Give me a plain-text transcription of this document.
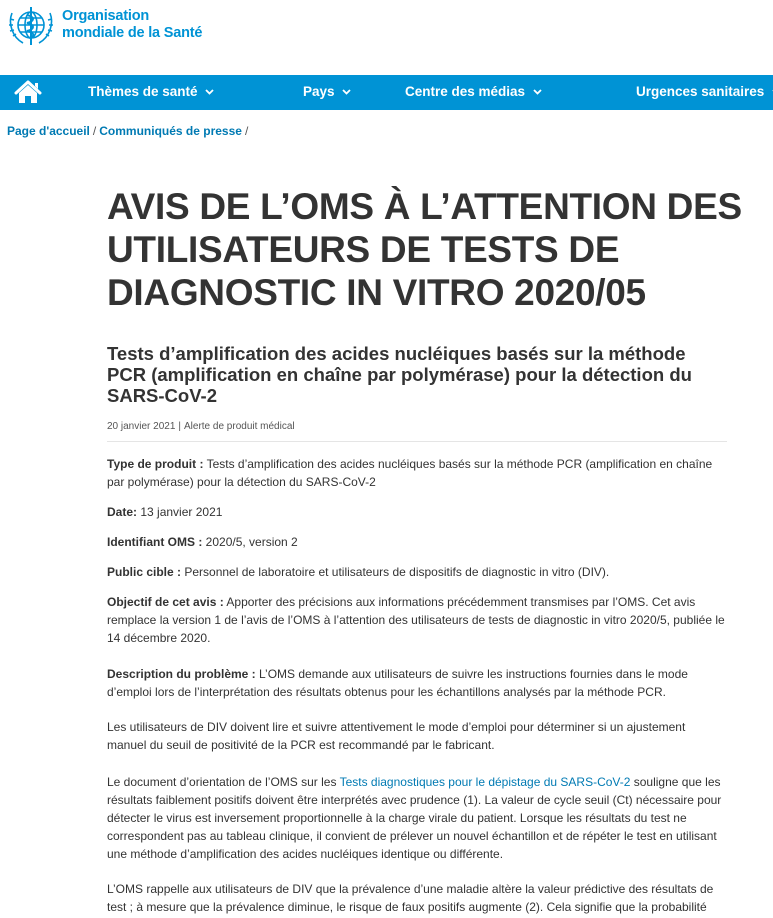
Organisation
mondiale de la Santé
Thèmes de santé	Pays	Centre des médias	Urgences sanitaires
Page d'accueil / Communiqués de presse /
AVIS DE L’OMS À L’ATTENTION DES UTILISATEURS DE TESTS DE DIAGNOSTIC IN VITRO 2020/05
Tests d’amplification des acides nucléiques basés sur la méthode PCR (amplification en chaîne par polymérase) pour la détection du SARS-CoV-2
20 janvier 2021 | Alerte de produit médical

Type de produit : Tests d’amplification des acides nucléiques basés sur la méthode PCR (amplification en chaîne par polymérase) pour la détection du SARS-CoV-2

Date: 13 janvier 2021

Identifiant OMS : 2020/5, version 2

Public cible : Personnel de laboratoire et utilisateurs de dispositifs de diagnostic in vitro (DIV).

Objectif de cet avis : Apporter des précisions aux informations précédemment transmises par l’OMS. Cet avis remplace la version 1 de l’avis de l’OMS à l’attention des utilisateurs de tests de diagnostic in vitro 2020/5, publiée le 14 décembre 2020.

Description du problème : L’OMS demande aux utilisateurs de suivre les instructions fournies dans le mode d’emploi lors de l’interprétation des résultats obtenus pour les échantillons analysés par la méthode PCR.

Les utilisateurs de DIV doivent lire et suivre attentivement le mode d’emploi pour déterminer si un ajustement manuel du seuil de positivité de la PCR est recommandé par le fabricant.

Le document d’orientation de l’OMS sur les Tests diagnostiques pour le dépistage du SARS-CoV-2 souligne que les résultats faiblement positifs doivent être interprétés avec prudence (1). La valeur de cycle seuil (Ct) nécessaire pour détecter le virus est inversement proportionnelle à la charge virale du patient. Lorsque les résultats du test ne correspondent pas au tableau clinique, il convient de prélever un nouvel échantillon et de répéter le test en utilisant une méthode d’amplification des acides nucléiques identique ou différente.

L’OMS rappelle aux utilisateurs de DIV que la prévalence d’une maladie altère la valeur prédictive des résultats de test ; à mesure que la prévalence diminue, le risque de faux positifs augmente (2). Cela signifie que la probabilité
